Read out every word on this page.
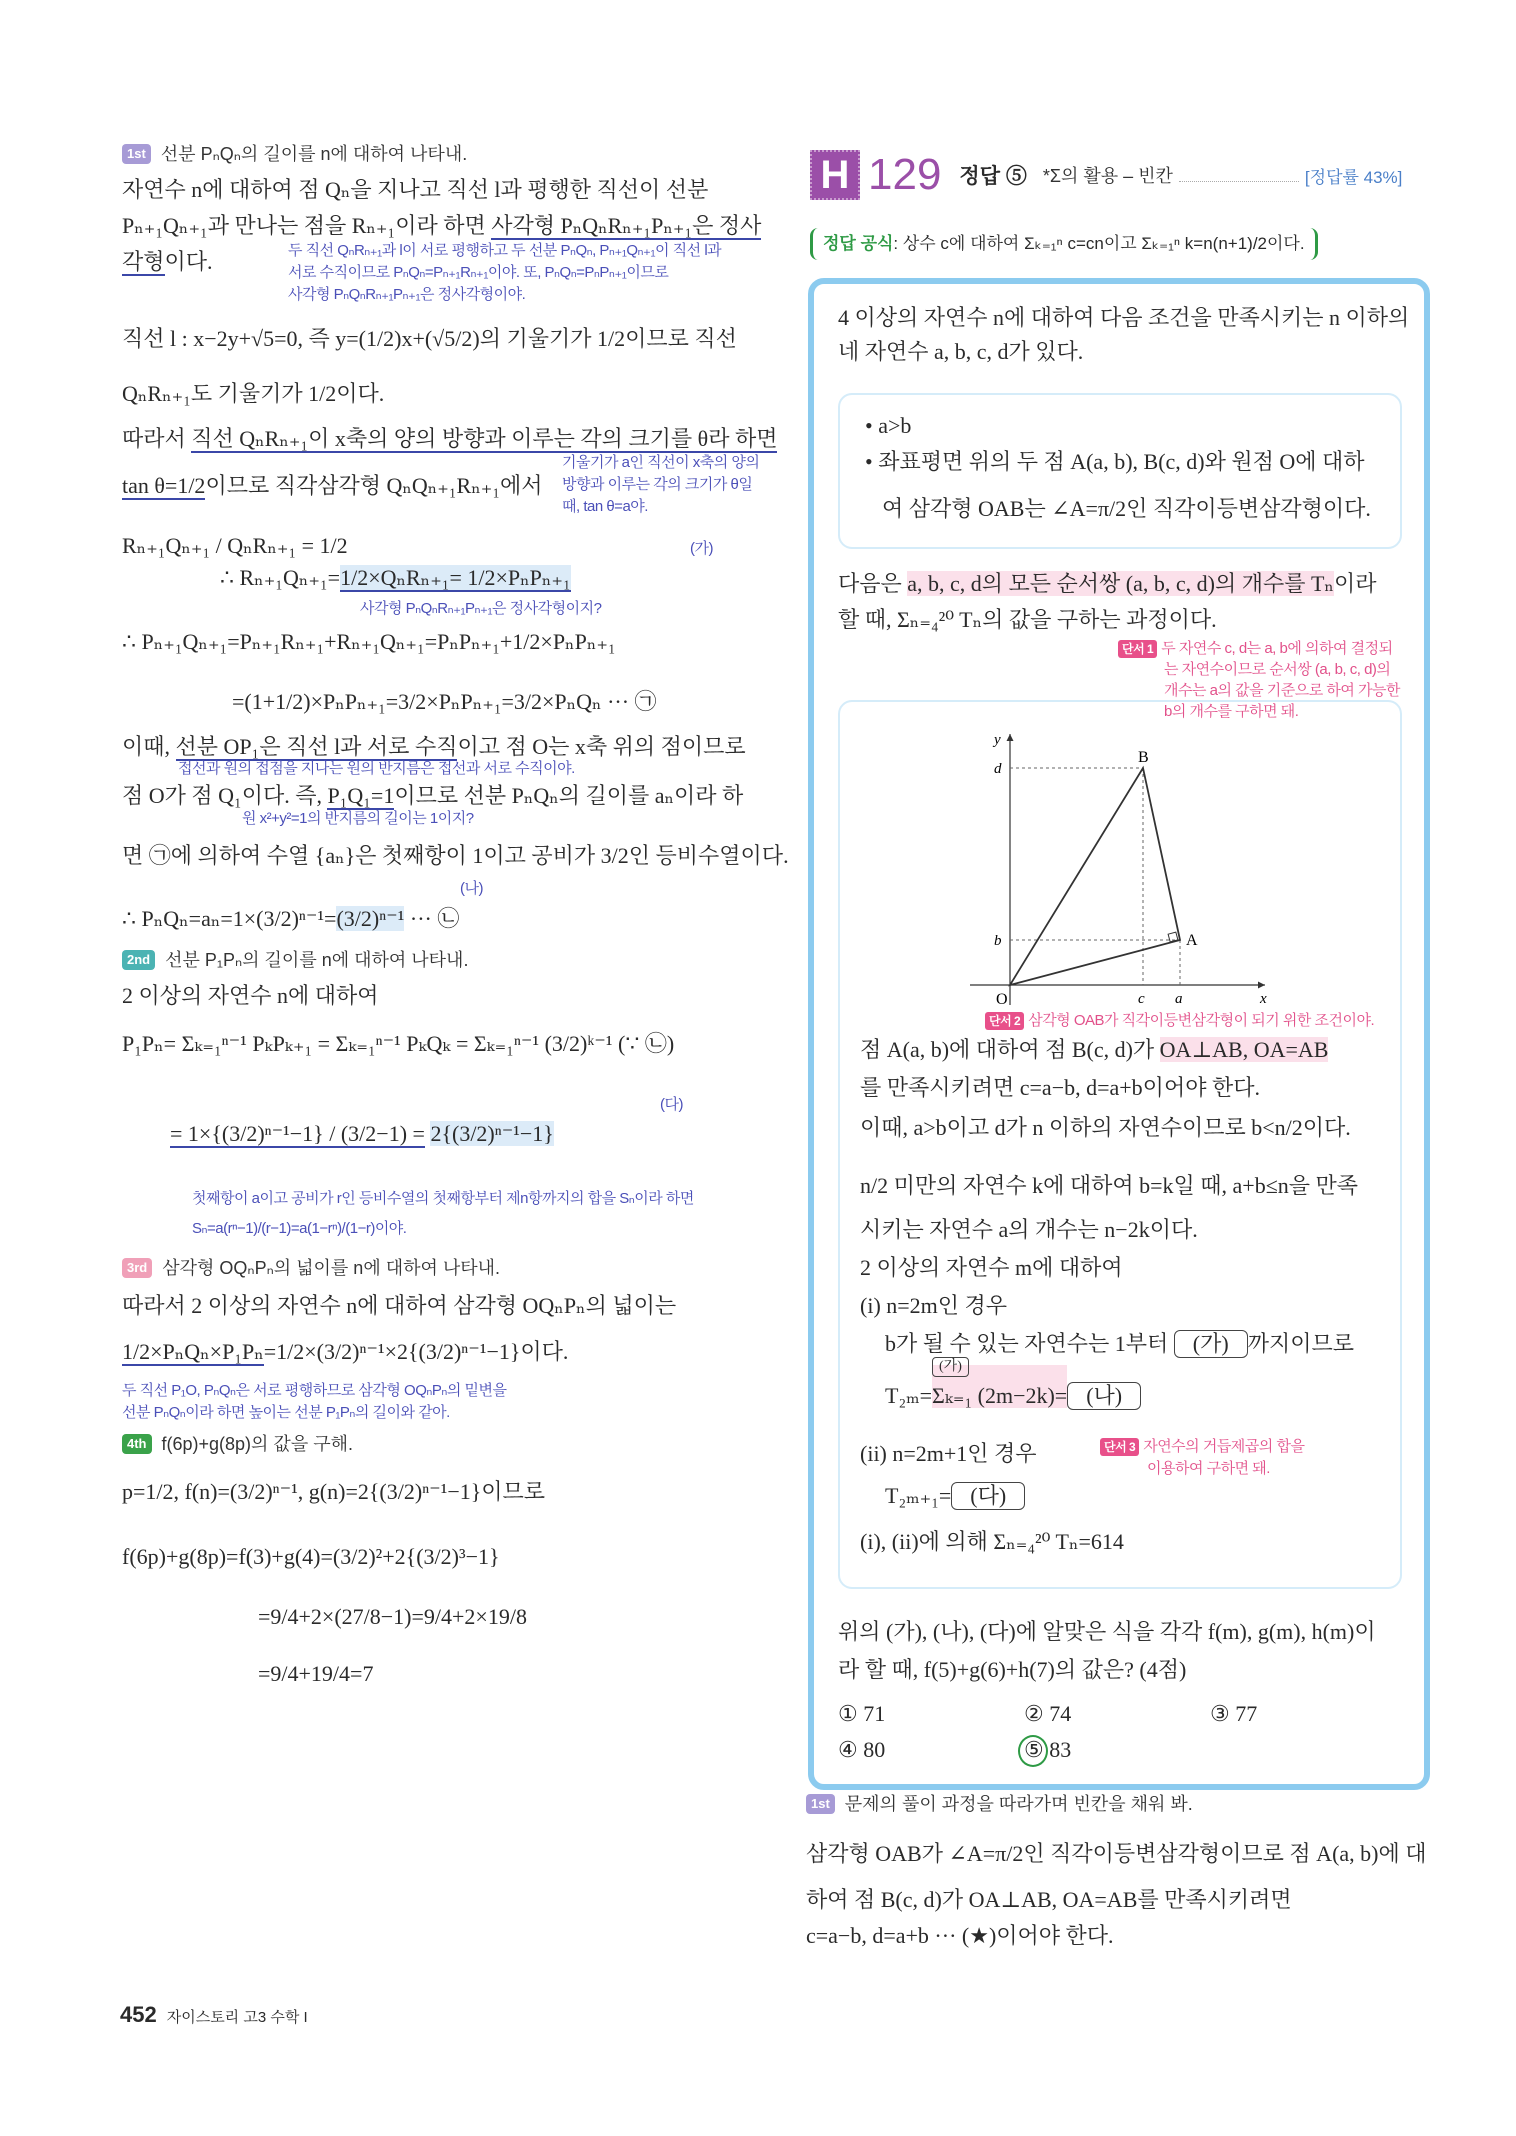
1st 선분 PₙQₙ의 길이를 n에 대하여 나타내.
자연수 n에 대하여 점 Qₙ을 지나고 직선 l과 평행한 직선이 선분
Pₙ₊₁Qₙ₊₁과 만나는 점을 Rₙ₊₁이라 하면 사각형 PₙQₙRₙ₊₁Pₙ₊₁은 정사
각형이다.	두 직선 QₙRₙ₊₁과 l이 서로 평행하고 두 선분 PₙQₙ, Pₙ₊₁Qₙ₊₁이 직선 l과
서로 수직이므로 PₙQₙ=Pₙ₊₁Rₙ₊₁이야. 또, PₙQₙ=PₙPₙ₊₁이므로
사각형 PₙQₙRₙ₊₁Pₙ₊₁은 정사각형이야.
직선 l : x−2y+√5=0, 즉 y=(1/2)x+(√5/2)의 기울기가 1/2이므로 직선
QₙRₙ₊₁도 기울기가 1/2이다.
따라서 직선 QₙRₙ₊₁이 x축의 양의 방향과 이루는 각의 크기를 θ라 하면
tan θ=1/2이므로 직각삼각형 QₙQₙ₊₁Rₙ₊₁에서
기울기가 a인 직선이 x축의 양의
방향과 이루는 각의 크기가 θ일
때, tan θ=a야.
Rₙ₊₁Qₙ₊₁ / QₙRₙ₊₁ = 1/2	(가)
∴ Rₙ₊₁Qₙ₊₁=1/2×QₙRₙ₊₁= 1/2×PₙPₙ₊₁
사각형 PₙQₙRₙ₊₁Pₙ₊₁은 정사각형이지?
∴ Pₙ₊₁Qₙ₊₁=Pₙ₊₁Rₙ₊₁+Rₙ₊₁Qₙ₊₁=PₙPₙ₊₁+1/2×PₙPₙ₊₁
=(1+1/2)×PₙPₙ₊₁=3/2×PₙPₙ₊₁=3/2×PₙQₙ ··· ㉠
이때, 선분 OP₁은 직선 l과 서로 수직이고 점 O는 x축 위의 점이므로
접선과 원의 접점을 지나는 원의 반지름은 접선과 서로 수직이야.
점 O가 점 Q₁이다. 즉, P₁Q₁=1이므로 선분 PₙQₙ의 길이를 aₙ이라 하
원 x²+y²=1의 반지름의 길이는 1이지?
면 ㉠에 의하여 수열 {aₙ}은 첫째항이 1이고 공비가 3/2인 등비수열이다.
(나)
∴ PₙQₙ=aₙ=1×(3/2)ⁿ⁻¹=(3/2)ⁿ⁻¹ ··· ㉡
2nd 선분 P₁Pₙ의 길이를 n에 대하여 나타내.
2 이상의 자연수 n에 대하여
P₁Pₙ= Σₖ₌₁ⁿ⁻¹ PₖPₖ₊₁ = Σₖ₌₁ⁿ⁻¹ PₖQₖ = Σₖ₌₁ⁿ⁻¹ (3/2)ᵏ⁻¹ (∵ ㉡)
(다)
= 1×{(3/2)ⁿ⁻¹−1} / (3/2−1) = 2{(3/2)ⁿ⁻¹−1}
첫째항이 a이고 공비가 r인 등비수열의 첫째항부터 제n항까지의 합을 Sₙ이라 하면
Sₙ=a(rⁿ−1)/(r−1)=a(1−rⁿ)/(1−r)이야.
3rd 삼각형 OQₙPₙ의 넓이를 n에 대하여 나타내.
따라서 2 이상의 자연수 n에 대하여 삼각형 OQₙPₙ의 넓이는
1/2×PₙQₙ×P₁Pₙ=1/2×(3/2)ⁿ⁻¹×2{(3/2)ⁿ⁻¹−1}이다.
두 직선 P₁O, PₙQₙ은 서로 평행하므로 삼각형 OQₙPₙ의 밑변을
선분 PₙQₙ이라 하면 높이는 선분 P₁Pₙ의 길이와 같아.
4th f(6p)+g(8p)의 값을 구해.
p=1/2, f(n)=(3/2)ⁿ⁻¹, g(n)=2{(3/2)ⁿ⁻¹−1}이므로
f(6p)+g(8p)=f(3)+g(4)=(3/2)²+2{(3/2)³−1}
=9/4+2×(27/8−1)=9/4+2×19/8
=9/4+19/4=7
H 129 정답 ⑤ *Σ의 활용 – 빈칸	[정답률 43%]
정답 공식: 상수 c에 대하여 Σₖ₌₁ⁿ c=cn이고 Σₖ₌₁ⁿ k=n(n+1)/2이다.
4 이상의 자연수 n에 대하여 다음 조건을 만족시키는 n 이하의
네 자연수 a, b, c, d가 있다.
• a>b
• 좌표평면 위의 두 점 A(a, b), B(c, d)와 원점 O에 대하
여 삼각형 OAB는 ∠A=π/2인 직각이등변삼각형이다.
다음은 a, b, c, d의 모든 순서쌍 (a, b, c, d)의 개수를 Tₙ이라
할 때, Σₙ₌₄²⁰ Tₙ의 값을 구하는 과정이다.
단서 1 두 자연수 c, d는 a, b에 의하여 결정되
는 자연수이므로 순서쌍 (a, b, c, d)의
개수는 a의 값을 기준으로 하여 가능한
b의 개수를 구하면 돼.
y
x
O
A
B
d
b
c a
단서 2 삼각형 OAB가 직각이등변삼각형이 되기 위한 조건이야.
점 A(a, b)에 대하여 점 B(c, d)가 OA⊥AB, OA=AB
를 만족시키려면 c=a−b, d=a+b이어야 한다.
이때, a>b이고 d가 n 이하의 자연수이므로 b<n/2이다.
n/2 미만의 자연수 k에 대하여 b=k일 때, a+b≤n을 만족
시키는 자연수 a의 개수는 n−2k이다.
2 이상의 자연수 m에 대하여
(i) n=2m인 경우
b가 될 수 있는 자연수는 1부터 (가) 까지이므로
T₂ₘ=
(가)
Σₖ₌₁ (2m−2k)= (나)
(ii) n=2m+1인 경우	단서 3 자연수의 거듭제곱의 합을
이용하여 구하면 돼.
T₂ₘ₊₁= (다)
(i), (ii)에 의해 Σₙ₌₄²⁰ Tₙ=614
위의 (가), (나), (다)에 알맞은 식을 각각 f(m), g(m), h(m)이
라 할 때, f(5)+g(6)+h(7)의 값은? (4점)
① 71	② 74	③ 77
④ 80	⑤ 83
1st 문제의 풀이 과정을 따라가며 빈칸을 채워 봐.
삼각형 OAB가 ∠A=π/2인 직각이등변삼각형이므로 점 A(a, b)에 대
하여 점 B(c, d)가 OA⊥AB, OA=AB를 만족시키려면
c=a−b, d=a+b ··· (★)이어야 한다.
452 자이스토리 고3 수학 I
